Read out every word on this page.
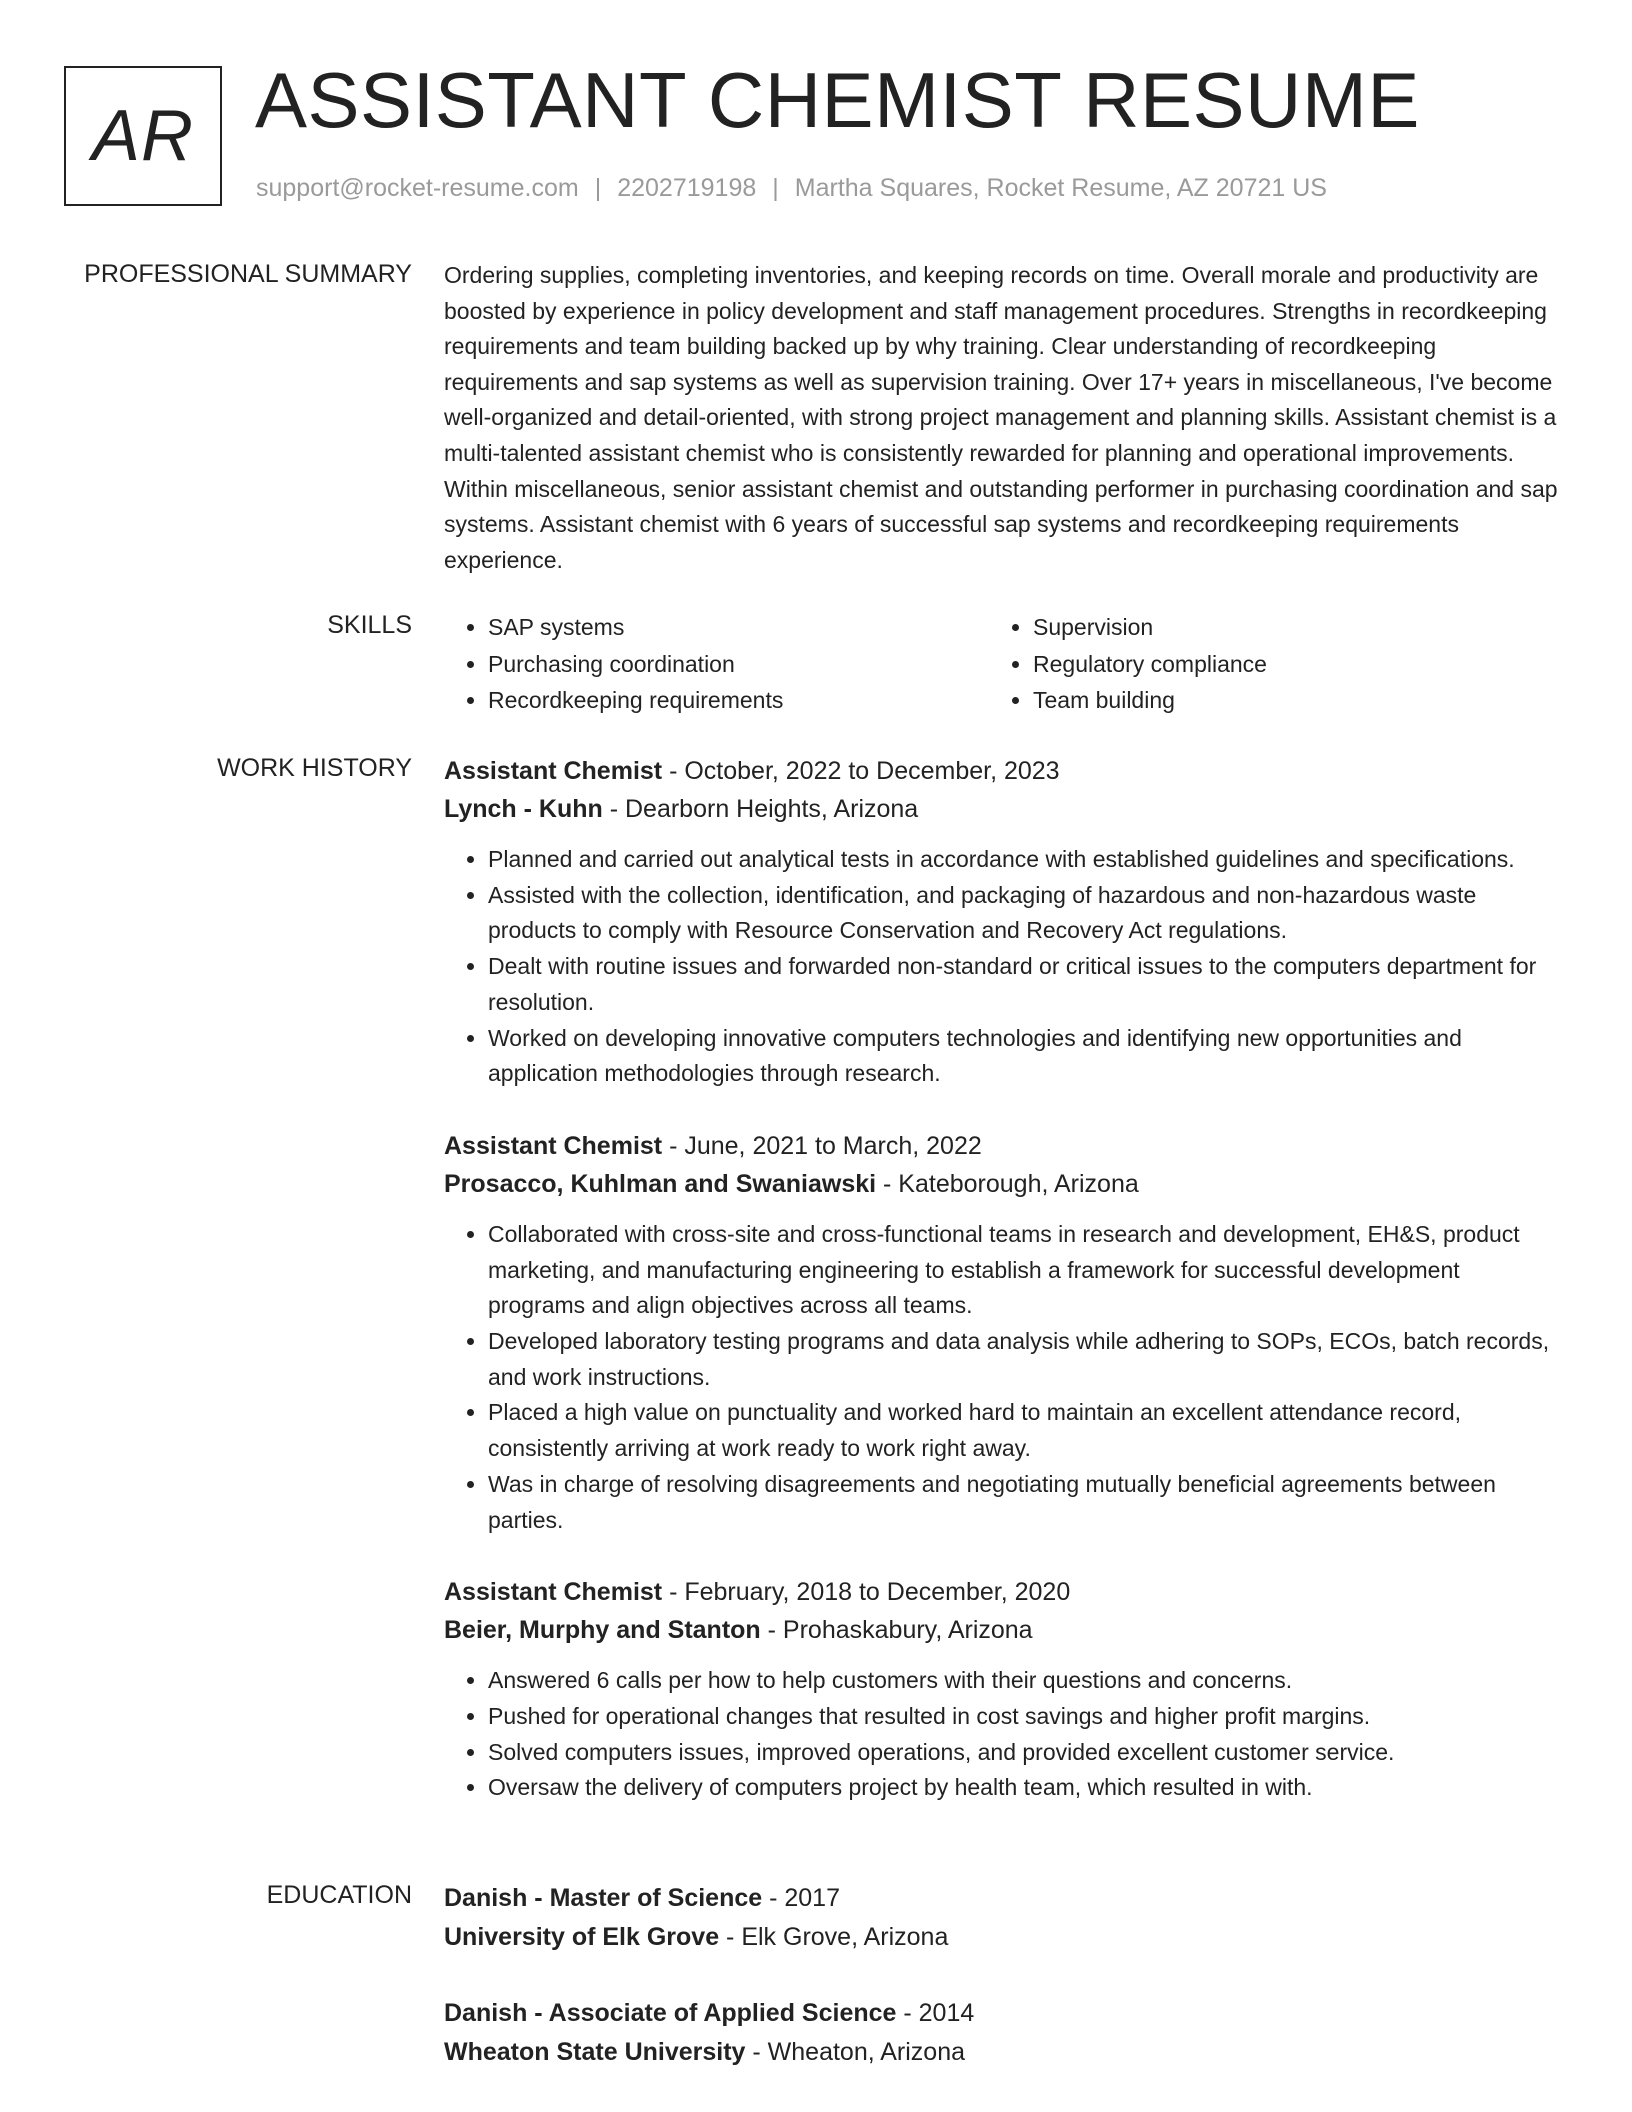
AR ASSISTANT CHEMIST RESUME
support@rocket-resume.com | 2202719198 | Martha Squares, Rocket Resume, AZ 20721 US
PROFESSIONAL SUMMARY Ordering supplies, completing inventories, and keeping records on time. Overall morale and productivity are boosted by experience in policy development and staff management procedures. Strengths in recordkeeping requirements and team building backed up by why training. Clear understanding of recordkeeping requirements and sap systems as well as supervision training. Over 17+ years in miscellaneous, I've become well-organized and detail-oriented, with strong project management and planning skills. Assistant chemist is a multi-talented assistant chemist who is consistently rewarded for planning and operational improvements. Within miscellaneous, senior assistant chemist and outstanding performer in purchasing coordination and sap systems. Assistant chemist with 6 years of successful sap systems and recordkeeping requirements experience.
SKILLS
•	SAP systems
• Purchasing coordination
• Recordkeeping requirements
• Supervision
• Regulatory compliance
• Team building
WORK HISTORY Assistant Chemist - October, 2022 to December, 2023
Lynch - Kuhn - Dearborn Heights, Arizona
• Planned and carried out analytical tests in accordance with established guidelines and specifications.
• Assisted with the collection, identification, and packaging of hazardous and non-hazardous waste products to comply with Resource Conservation and Recovery Act regulations.
• Dealt with routine issues and forwarded non-standard or critical issues to the computers department for resolution.
• Worked on developing innovative computers technologies and identifying new opportunities and application methodologies through research.
Assistant Chemist - June, 2021 to March, 2022
Prosacco, Kuhlman and Swaniawski - Kateborough, Arizona
• Collaborated with cross-site and cross-functional teams in research and development, EH&S, product marketing, and manufacturing engineering to establish a framework for successful development programs and align objectives across all teams.
• Developed laboratory testing programs and data analysis while adhering to SOPs, ECOs, batch records, and work instructions.
• Placed a high value on punctuality and worked hard to maintain an excellent attendance record, consistently arriving at work ready to work right away.
• Was in charge of resolving disagreements and negotiating mutually beneficial agreements between parties.
Assistant Chemist - February, 2018 to December, 2020
Beier, Murphy and Stanton - Prohaskabury, Arizona
• Answered 6 calls per how to help customers with their questions and concerns.
• Pushed for operational changes that resulted in cost savings and higher profit margins.
• Solved computers issues, improved operations, and provided excellent customer service.
• Oversaw the delivery of computers project by health team, which resulted in with.
EDUCATION Danish - Master of Science - 2017
University of Elk Grove - Elk Grove, Arizona
Danish - Associate of Applied Science - 2014
Wheaton State University - Wheaton, Arizona
